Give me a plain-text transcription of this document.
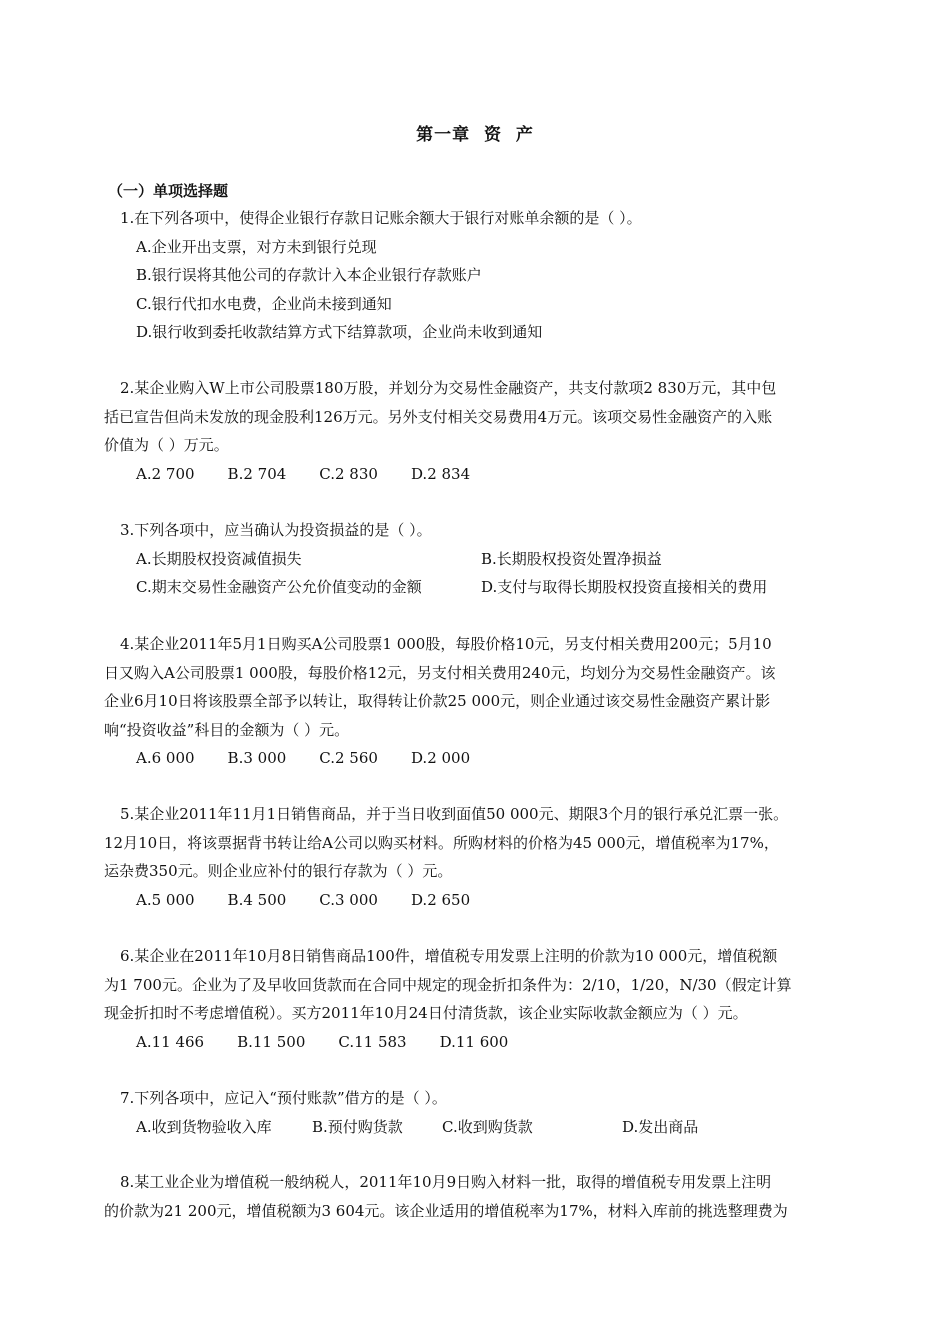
第一章  资  产
（一）单项选择题
1.在下列各项中，使得企业银行存款日记账余额大于银行对账单余额的是（ ）。
A.企业开出支票，对方未到银行兑现
B.银行误将其他公司的存款计入本企业银行存款账户
C.银行代扣水电费，企业尚未接到通知
D.银行收到委托收款结算方式下结算款项，企业尚未收到通知
2.某企业购入W上市公司股票180万股，并划分为交易性金融资产，共支付款项2 830万元，其中包
括已宣告但尚未发放的现金股利126万元。另外支付相关交易费用4万元。该项交易性金融资产的入账
价值为（ ）万元。
A.2 700 B.2 704 C.2 830 D.2 834
3.下列各项中，应当确认为投资损益的是（ ）。
A.长期股权投资减值损失	B.长期股权投资处置净损益
C.期末交易性金融资产公允价值变动的金额	D.支付与取得长期股权投资直接相关的费用
4.某企业2011年5月1日购买A公司股票1 000股，每股价格10元，另支付相关费用200元；5月10
日又购入A公司股票1 000股，每股价格12元，另支付相关费用240元，均划分为交易性金融资产。该
企业6月10日将该股票全部予以转让，取得转让价款25 000元，则企业通过该交易性金融资产累计影
响“投资收益”科目的金额为（ ）元。
A.6 000 B.3 000 C.2 560 D.2 000
5.某企业2011年11月1日销售商品，并于当日收到面值50 000元、期限3个月的银行承兑汇票一张。
12月10日，将该票据背书转让给A公司以购买材料。所购材料的价格为45 000元，增值税率为17%，
运杂费350元。则企业应补付的银行存款为（ ）元。
A.5 000 B.4 500 C.3 000 D.2 650
6.某企业在2011年10月8日销售商品100件，增值税专用发票上注明的价款为10 000元，增值税额
为1 700元。企业为了及早收回货款而在合同中规定的现金折扣条件为：2/10，1/20，N/30（假定计算
现金折扣时不考虑增值税）。买方2011年10月24日付清货款，该企业实际收款金额应为（ ）元。
A.11 466 B.11 500 C.11 583 D.11 600
7.下列各项中，应记入“预付账款”借方的是（ ）。
A.收到货物验收入库	B.预付购货款	C.收到购货款	D.发出商品
8.某工业企业为增值税一般纳税人，2011年10月9日购入材料一批，取得的增值税专用发票上注明
的价款为21 200元，增值税额为3 604元。该企业适用的增值税率为17%，材料入库前的挑选整理费为
